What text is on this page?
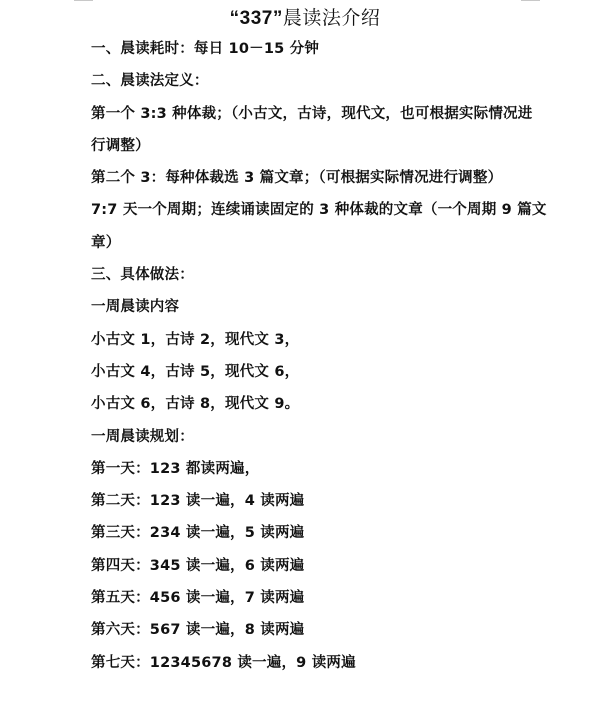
“337”晨读法介绍
一、晨读耗时：每日 10－15 分钟
二、晨读法定义：
第一个 3:3 种体裁；（小古文，古诗，现代文，也可根据实际情况进
行调整）
第二个 3：每种体裁选 3 篇文章；（可根据实际情况进行调整）
7:7 天一个周期；连续诵读固定的 3 种体裁的文章（一个周期 9 篇文
章）
三、具体做法：
一周晨读内容
小古文 1，古诗 2，现代文 3，
小古文 4，古诗 5，现代文 6，
小古文 6，古诗 8，现代文 9。
一周晨读规划：
第一天：123 都读两遍，
第二天：123 读一遍，4 读两遍
第三天：234 读一遍，5 读两遍
第四天：345 读一遍，6 读两遍
第五天：456 读一遍，7 读两遍
第六天：567 读一遍，8 读两遍
第七天：12345678 读一遍，9 读两遍
